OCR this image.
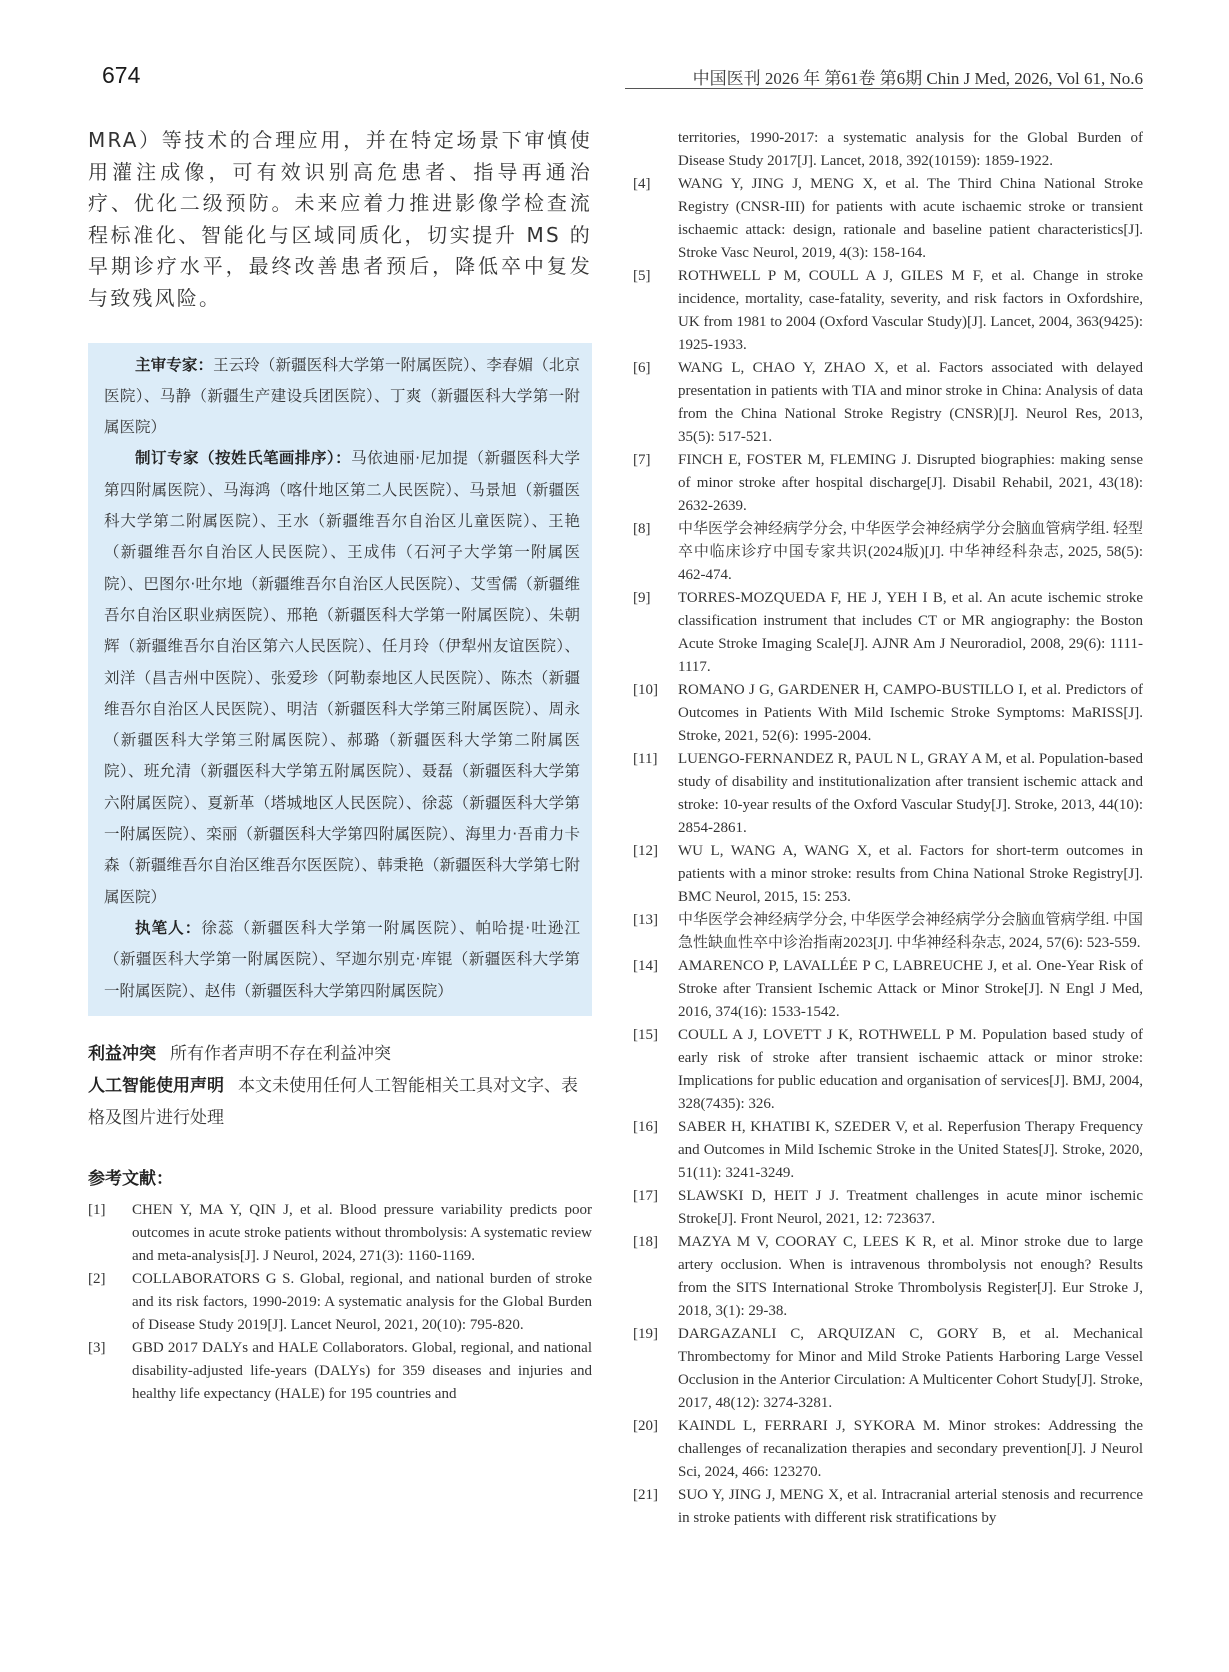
674	中国医刊 2026 年 第61卷 第6期 Chin J Med, 2026, Vol 61, No.6

MRA）等技术的合理应用，并在特定场景下审慎使用灌注成像，可有效识别高危患者、指导再通治疗、优化二级预防。未来应着力推进影像学检查流程标准化、智能化与区域同质化，切实提升 MS 的早期诊疗水平，最终改善患者预后，降低卒中复发与致残风险。

主审专家：王云玲（新疆医科大学第一附属医院）、李春媚（北京医院）、马静（新疆生产建设兵团医院）、丁爽（新疆医科大学第一附属医院）

制订专家（按姓氏笔画排序）：马依迪丽·尼加提（新疆医科大学第四附属医院）、马海鸿（喀什地区第二人民医院）、马景旭（新疆医科大学第二附属医院）、王水（新疆维吾尔自治区儿童医院）、王艳（新疆维吾尔自治区人民医院）、王成伟（石河子大学第一附属医院）、巴图尔·吐尔地（新疆维吾尔自治区人民医院）、艾雪儒（新疆维吾尔自治区职业病医院）、邢艳（新疆医科大学第一附属医院）、朱朝辉（新疆维吾尔自治区第六人民医院）、任月玲（伊犁州友谊医院）、刘洋（昌吉州中医院）、张爱珍（阿勒泰地区人民医院）、陈杰（新疆维吾尔自治区人民医院）、明洁（新疆医科大学第三附属医院）、周永（新疆医科大学第三附属医院）、郝璐（新疆医科大学第二附属医院）、班允清（新疆医科大学第五附属医院）、聂磊（新疆医科大学第六附属医院）、夏新革（塔城地区人民医院）、徐蕊（新疆医科大学第一附属医院）、栾丽（新疆医科大学第四附属医院）、海里力·吾甫力卡森（新疆维吾尔自治区维吾尔医医院）、韩秉艳（新疆医科大学第七附属医院）

执笔人：徐蕊（新疆医科大学第一附属医院）、帕哈提·吐逊江（新疆医科大学第一附属医院）、罕迦尔别克·库锟（新疆医科大学第一附属医院）、赵伟（新疆医科大学第四附属医院）

利益冲突 所有作者声明不存在利益冲突

人工智能使用声明 本文未使用任何人工智能相关工具对文字、表格及图片进行处理

参考文献：
[1]	CHEN Y, MA Y, QIN J, et al. Blood pressure variability predicts poor outcomes in acute stroke patients without thrombolysis: A systematic review and meta-analysis[J]. J Neurol, 2024, 271(3): 1160-1169.
[2]	COLLABORATORS G S. Global, regional, and national burden of stroke and its risk factors, 1990-2019: A systematic analysis for the Global Burden of Disease Study 2019[J]. Lancet Neurol, 2021, 20(10): 795-820.
[3]	GBD 2017 DALYs and HALE Collaborators. Global, regional, and national disability-adjusted life-years (DALYs) for 359 diseases and injuries and healthy life expectancy (HALE) for 195 countries and

territories, 1990-2017: a systematic analysis for the Global Burden of Disease Study 2017[J]. Lancet, 2018, 392(10159): 1859-1922.

[4]	WANG Y, JING J, MENG X, et al. The Third China National Stroke Registry (CNSR-III) for patients with acute ischaemic stroke or transient ischaemic attack: design, rationale and baseline patient characteristics[J]. Stroke Vasc Neurol, 2019, 4(3): 158-164.
[5]	ROTHWELL P M, COULL A J, GILES M F, et al. Change in stroke incidence, mortality, case-fatality, severity, and risk factors in Oxfordshire, UK from 1981 to 2004 (Oxford Vascular Study)[J]. Lancet, 2004, 363(9425): 1925-1933.
[6]	WANG L, CHAO Y, ZHAO X, et al. Factors associated with delayed presentation in patients with TIA and minor stroke in China: Analysis of data from the China National Stroke Registry (CNSR)[J]. Neurol Res, 2013, 35(5): 517-521.
[7]	FINCH E, FOSTER M, FLEMING J. Disrupted biographies: making sense of minor stroke after hospital discharge[J]. Disabil Rehabil, 2021, 43(18): 2632-2639.
[8]	中华医学会神经病学分会, 中华医学会神经病学分会脑血管病学组. 轻型卒中临床诊疗中国专家共识(2024版)[J]. 中华神经科杂志, 2025, 58(5): 462-474.
[9]	TORRES-MOZQUEDA F, HE J, YEH I B, et al. An acute ischemic stroke classification instrument that includes CT or MR angiography: the Boston Acute Stroke Imaging Scale[J]. AJNR Am J Neuroradiol, 2008, 29(6): 1111-1117.
[10]	ROMANO J G, GARDENER H, CAMPO-BUSTILLO I, et al. Predictors of Outcomes in Patients With Mild Ischemic Stroke Symptoms: MaRISS[J]. Stroke, 2021, 52(6): 1995-2004.
[11]	LUENGO-FERNANDEZ R, PAUL N L, GRAY A M, et al. Population-based study of disability and institutionalization after transient ischemic attack and stroke: 10-year results of the Oxford Vascular Study[J]. Stroke, 2013, 44(10): 2854-2861.
[12]	WU L, WANG A, WANG X, et al. Factors for short-term outcomes in patients with a minor stroke: results from China National Stroke Registry[J]. BMC Neurol, 2015, 15: 253.
[13]	中华医学会神经病学分会, 中华医学会神经病学分会脑血管病学组. 中国急性缺血性卒中诊治指南2023[J]. 中华神经科杂志, 2024, 57(6): 523-559.
[14]	AMARENCO P, LAVALLÉE P C, LABREUCHE J, et al. One-Year Risk of Stroke after Transient Ischemic Attack or Minor Stroke[J]. N Engl J Med, 2016, 374(16): 1533-1542.
[15]	COULL A J, LOVETT J K, ROTHWELL P M. Population based study of early risk of stroke after transient ischaemic attack or minor stroke: Implications for public education and organisation of services[J]. BMJ, 2004, 328(7435): 326.
[16]	SABER H, KHATIBI K, SZEDER V, et al. Reperfusion Therapy Frequency and Outcomes in Mild Ischemic Stroke in the United States[J]. Stroke, 2020, 51(11): 3241-3249.
[17]	SLAWSKI D, HEIT J J. Treatment challenges in acute minor ischemic Stroke[J]. Front Neurol, 2021, 12: 723637.
[18]	MAZYA M V, COORAY C, LEES K R, et al. Minor stroke due to large artery occlusion. When is intravenous thrombolysis not enough? Results from the SITS International Stroke Thrombolysis Register[J]. Eur Stroke J, 2018, 3(1): 29-38.
[19]	DARGAZANLI C, ARQUIZAN C, GORY B, et al. Mechanical Thrombectomy for Minor and Mild Stroke Patients Harboring Large Vessel Occlusion in the Anterior Circulation: A Multicenter Cohort Study[J]. Stroke, 2017, 48(12): 3274-3281.
[20]	KAINDL L, FERRARI J, SYKORA M. Minor strokes: Addressing the challenges of recanalization therapies and secondary prevention[J]. J Neurol Sci, 2024, 466: 123270.
[21]	SUO Y, JING J, MENG X, et al. Intracranial arterial stenosis and recurrence in stroke patients with different risk stratifications by
